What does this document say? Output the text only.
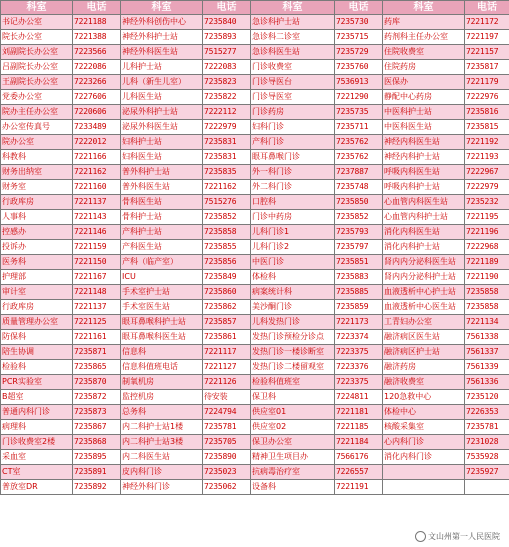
科室	电话	科室	电话	科室	电话	科室	电话
书记办公室	7221188	神经外科创伤中心	7235840	急诊科护士站	7235730	药库	7221172
院长办公室	7221388	神经外科护士站	7235893	急诊科二诊室	7235715	药剂科主任办公室	7221197
刘副院长办公室	7223566	神经外科医生站	7515277	急诊科医生站	7235729	住院收费室	7221157
吕副院长办公室	7222086	儿科护士站	7222083	门诊收费室	7235760	住院药房	7235817
王副院长办公室	7223266	儿科（新生儿室）	7235823	门诊导医台	7536913	医保办	7221179
党委办公室	7227606	儿科医生站	7235822	门诊导医室	7221290	静配中心药房	7222976
院办主任办公室	7220606	泌尿外科护士站	7222112	门诊药房	7235735	中医科护士站	7235816
办公室传真号	7233489	泌尿外科医生站	7222979	妇科门诊	7235711	中医科医生站	7235815
院办公室	7222012	妇科护士站	7235831	产科门诊	7235762	神经内科医生站	7221192
科教科	7221166	妇科医生站	7235831	眼耳鼻喉门诊	7235762	神经内科护士站	7221193
财务出纳室	7221162	普外科护士站	7235835	外一科门诊	7237887	呼吸内科医生站	7222967
财务室	7221160	普外科医生站	7221162	外二科门诊	7235748	呼吸内科护士站	7222979
行政库房	7221137	骨科医生站	7515276	口腔科	7235850	心血管内科医生站	7235232
人事科	7221143	骨科护士站	7235852	门诊中药房	7235852	心血管内科护士站	7221195
控感办	7221146	产科护士站	7235858	儿科门诊1	7235793	消化内科医生站	7221196
投诉办	7221159	产科医生站	7235855	儿科门诊2	7235797	消化内科护士站	7222968
医务科	7221150	产科（临产室）	7235856	中医门诊	7235851	肾内内分泌科医生站	7221189
护理部	7221167	ICU	7235849	体检科	7235883	肾内内分泌科护士站	7221190
审计室	7221148	手术室护士站	7235860	病案统计科	7235885	血液透析中心护士站	7235858
行政库房	7221137	手术室医生站	7235862	美沙酮门诊	7235859	血液透析中心医生站	7235858
质量管理办公室	7221125	眼耳鼻喉科护士站	7235857	儿科发热门诊	7221173	工青妇办公室	7221134
防保科	7221161	眼耳鼻喉科医生站	7235861	发热门诊预检分诊点	7223374	融济病区医生站	7561338
陪生协调	7235871	信息科	7221117	发热门诊一楼诊断室	7223375	融济病区护士站	7561337
检验科	7235865	信息科值班电话	7221127	发热门诊二楼留观室	7223376	融济药房	7561339
PCR实验室	7235870	制氧机房	7221126	检验科值班室	7223375	融济收费室	7561336
B超室	7235872	监控机房	待安装	保卫科	7224811	120急救中心	7235120
普通内科门诊	7235873	总务科	7224794	供应室01	7221181	体检中心	7226353
病理科	7235867	内二科护士站1楼	7235781	供应室02	7221185	核酸采集室	7235781
门诊收费室2楼	7235868	内二科护士站3楼	7235705	保卫办公室	7221184	心内科门诊	7231028
采血室	7235895	内二科医生站	7235890	精神卫生项目办	7566176	消化内科门诊	7535928
CT室	7235891	皮内科门诊	7235023	抗病毒治疗室	7226557		7235927
普放室DR	7235892	神经外科门诊	7235062	设备科	7221191		
文山州第一人民医院
